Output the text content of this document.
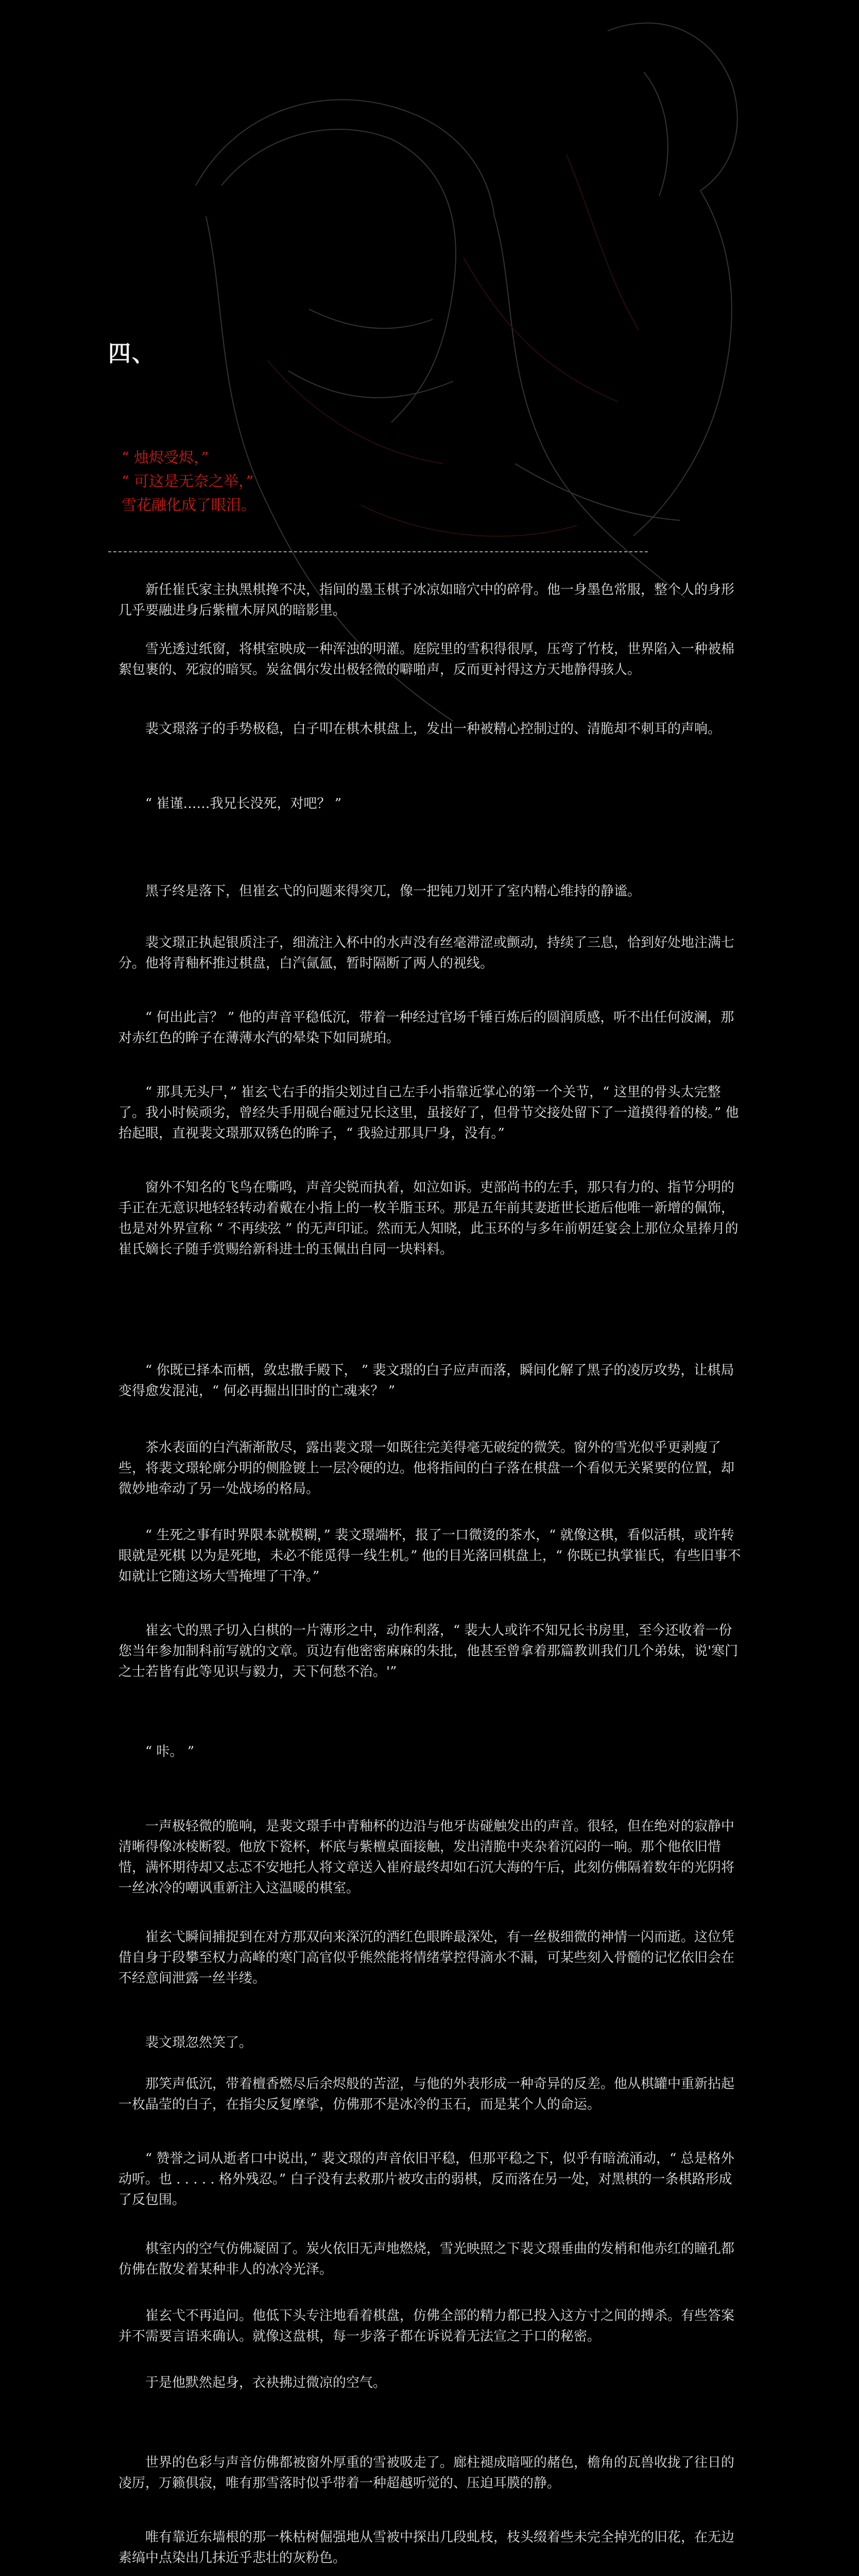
四、
“ 烛烬受烬，”
“ 可这是无奈之举，”
雪花融化成了眼泪。

新任崔氏家主执黑棋搀不决，指间的墨玉棋子冰凉如暗穴中的碎骨。他一身墨色常服，整个人的身形几乎要融进身后紫檀木屏风的暗影里。

雪光透过纸窗，将棋室映成一种浑浊的明灌。庭院里的雪积得很厚，压弯了竹枝，世界陷入一种被棉絮包裹的、死寂的暗冥。炭盆偶尔发出极轻微的噼啪声，反而更衬得这方天地静得骇人。

裴文璟落子的手势极稳，白子叩在棋木棋盘上，发出一种被精心控制过的、清脆却不刺耳的声响。

“ 崔谨……我兄长没死，对吧？ ”

黑子终是落下，但崔玄弋的问题来得突兀，像一把钝刀划开了室内精心维持的静谧。

裴文璟正执起银质注子，细流注入杯中的水声没有丝毫滞涩或颤动，持续了三息，恰到好处地注满七分。他将青釉杯推过棋盘，白汽氤氲，暂时隔断了两人的视线。

“ 何出此言？ ” 他的声音平稳低沉，带着一种经过官场千锤百炼后的圆润质感，听不出任何波澜，那对赤红色的眸子在薄薄水汽的晕染下如同琥珀。

“ 那具无头尸，” 崔玄弋右手的指尖划过自己左手小指靠近掌心的第一个关节，“ 这里的骨头太完整了。我小时候顽劣，曾经失手用砚台砸过兄长这里，虽接好了，但骨节交接处留下了一道摸得着的棱。” 他抬起眼，直视裴文璟那双锈色的眸子，“ 我验过那具尸身，没有。”

窗外不知名的飞鸟在嘶鸣，声音尖锐而执着，如泣如诉。吏部尚书的左手，那只有力的、指节分明的手正在无意识地轻轻转动着戴在小指上的一枚羊脂玉环。那是五年前其妻逝世长逝后他唯一新增的佩饰，也是对外界宣称 “ 不再续弦 ” 的无声印证。然而无人知晓，此玉环的与多年前朝廷宴会上那位众星捧月的崔氏嫡长子随手赏赐给新科进士的玉佩出自同一块料料。

“ 你既已择本而栖，敛忠撒手殿下， ” 裴文璟的白子应声而落，瞬间化解了黑子的凌厉攻势，让棋局变得愈发混沌，“ 何必再掘出旧时的亡魂来？ ”

茶水表面的白汽渐渐散尽，露出裴文璟一如既往完美得毫无破绽的微笑。窗外的雪光似乎更剥瘦了些，将裴文璟轮廓分明的侧脸镀上一层冷硬的边。他将指间的白子落在棋盘一个看似无关紧要的位置，却微妙地牵动了另一处战场的格局。

“ 生死之事有时界限本就模糊，” 裴文璟端杯，报了一口微烫的茶水，“ 就像这棋，看似活棋，或许转眼就是死棋 以为是死地，未必不能觅得一线生机。” 他的目光落回棋盘上，“ 你既已执掌崔氏，有些旧事不如就让它随这场大雪掩埋了干净。”

崔玄弋的黑子切入白棋的一片薄形之中，动作利落，“ 裴大人或许不知兄长书房里，至今还收着一份您当年参加制科前写就的文章。页边有他密密麻麻的朱批，他甚至曾拿着那篇教训我们几个弟妹，说'寒门之士若皆有此等见识与毅力，天下何愁不治。'”

“ 咔。 ”

一声极轻微的脆响，是裴文璟手中青釉杯的边沿与他牙齿碰触发出的声音。很轻，但在绝对的寂静中清晰得像冰棱断裂。他放下瓷杯，杯底与紫檀桌面接触，发出清脆中夹杂着沉闷的一响。那个他依旧惜惜，满怀期待却又忐忑不安地托人将文章送入崔府最终却如石沉大海的午后，此刻仿佛隔着数年的光阴将一丝冰冷的嘲讽重新注入这温暖的棋室。

崔玄弋瞬间捕捉到在对方那双向来深沉的酒红色眼眸最深处，有一丝极细微的神情一闪而逝。这位凭借自身于段攀至权力高峰的寒门高官似乎熊然能将情绪掌控得滴水不漏，可某些刻入骨髓的记忆依旧会在不经意间泄露一丝半缕。

裴文璟忽然笑了。

那笑声低沉，带着檀香燃尽后余烬般的苦涩，与他的外表形成一种奇异的反差。他从棋罐中重新拈起一枚晶莹的白子，在指尖反复摩挲，仿佛那不是冰冷的玉石，而是某个人的命运。

“ 赞誉之词从逝者口中说出，” 裴文璟的声音依旧平稳，但那平稳之下，似乎有暗流涌动，“ 总是格外动听。也 . . . . . 格外残忍。” 白子没有去救那片被攻击的弱棋，反而落在另一处，对黑棋的一条棋路形成了反包围。

棋室内的空气仿佛凝固了。炭火依旧无声地燃烧，雪光映照之下裴文璟垂曲的发梢和他赤红的瞳孔都仿佛在散发着某种非人的冰冷光泽。

崔玄弋不再追问。他低下头专注地看着棋盘，仿佛全部的精力都已投入这方寸之间的搏杀。有些答案并不需要言语来确认。就像这盘棋，每一步落子都在诉说着无法宣之于口的秘密。

于是他默然起身，衣袂拂过微凉的空气。

世界的色彩与声音仿佛都被窗外厚重的雪被吸走了。廊柱褪成暗哑的赭色，檐角的瓦兽收拢了往日的凌厉，万籁俱寂，唯有那雪落时似乎带着一种超越听觉的、压迫耳膜的静。

唯有靠近东墙根的那一株枯树倔强地从雪被中探出几段虬枝，枝头缀着些未完全掉光的旧花，在无边素缟中点染出几抹近乎悲壮的灰粉色。
